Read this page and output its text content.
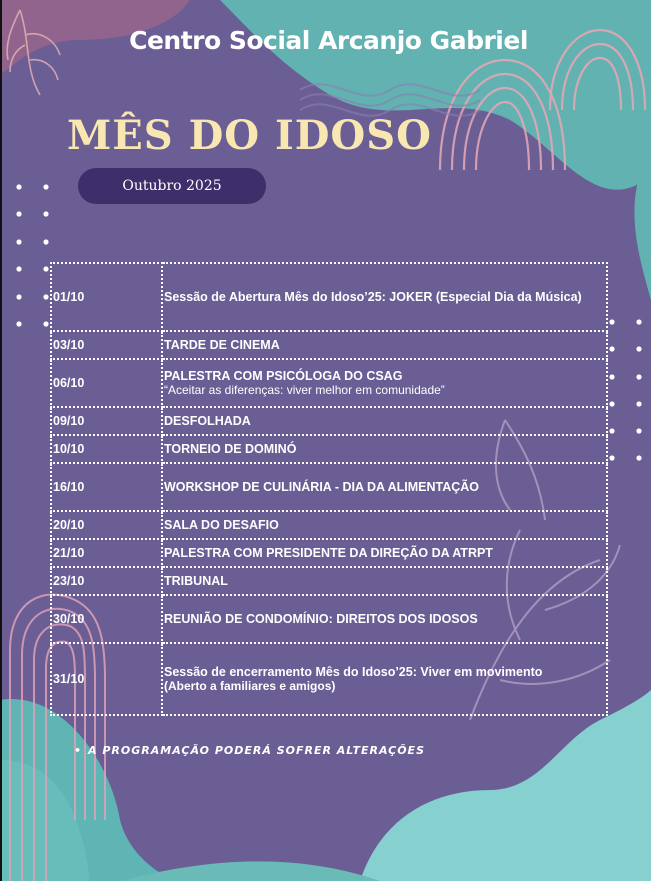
Centro Social Arcanjo Gabriel
MÊS DO IDOSO
Outubro 2025
01/10	Sessão de Abertura Mês do Idoso’25: JOKER (Especial Dia da Música)
03/10	TARDE DE CINEMA
06/10	PALESTRA COM PSICÓLOGA DO CSAG
“Aceitar as diferenças: viver melhor em comunidade”

09/10	DESFOLHADA
10/10	TORNEIO DE DOMINÓ
16/10	WORKSHOP DE CULINÁRIA - DIA DA ALIMENTAÇÃO
20/10	SALA DO DESAFIO
21/10	PALESTRA COM PRESIDENTE DA DIREÇÃO DA ATRPT
23/10	TRIBUNAL
30/10	REUNIÃO DE CONDOMÍNIO: DIREITOS DOS IDOSOS
31/10	Sessão de encerramento Mês do Idoso’25: Viver em movimento
(Aberto a familiares e amigos)
• A PROGRAMAÇÃO PODERÁ SOFRER ALTERAÇÕES
